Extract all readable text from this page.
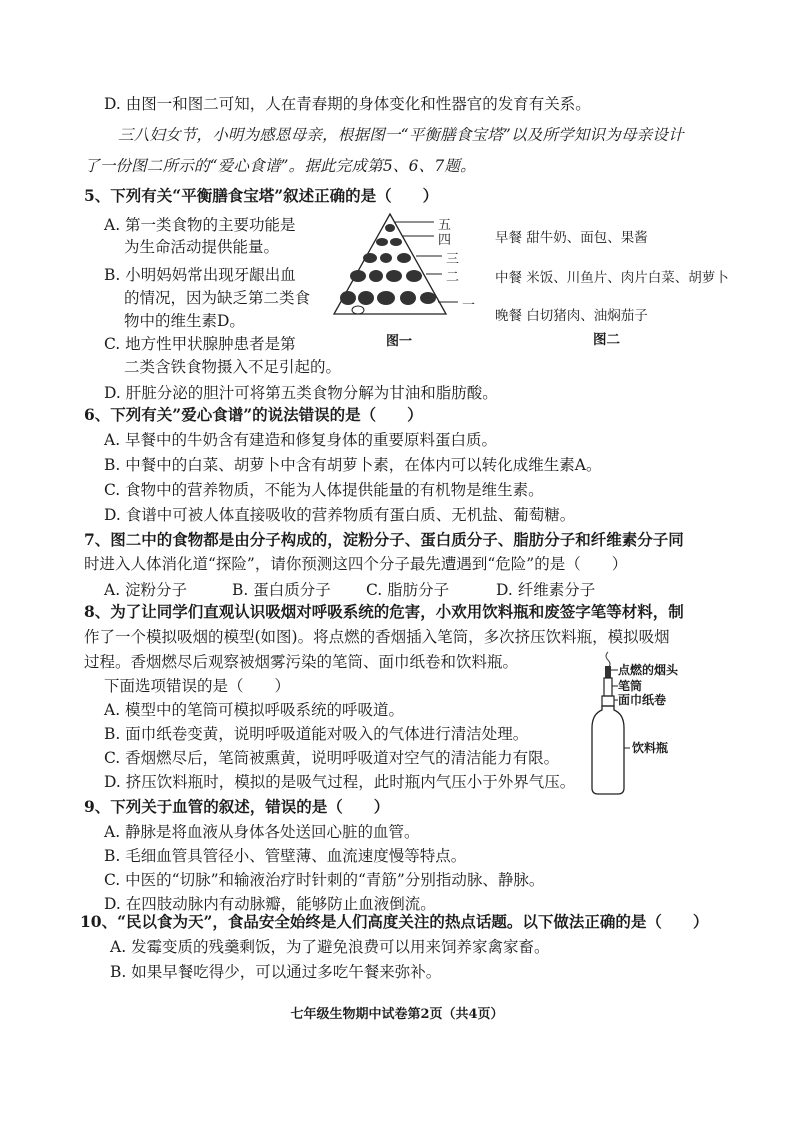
D. 由图一和图二可知，人在青春期的身体变化和性器官的发育有关系。
三八妇女节，小明为感恩母亲，根据图一“平衡膳食宝塔”以及所学知识为母亲设计
了一份图二所示的“爱心食谱”。据此完成第5、6、7题。
5、下列有关“平衡膳食宝塔”叙述正确的是（　　）
A. 第一类食物的主要功能是
为生命活动提供能量。
B. 小明妈妈常出现牙龈出血
的情况，因为缺乏第二类食
物中的维生素D。
C. 地方性甲状腺肿患者是第
二类含铁食物摄入不足引起的。
D. 肝脏分泌的胆汁可将第五类食物分解为甘油和脂肪酸。
五
四
三
二
一
图一
早餐 甜牛奶、面包、果酱
中餐 米饭、川鱼片、肉片白菜、胡萝卜
晚餐 白切猪肉、油焖茄子
图二
6、下列有关”爱心食谱”的说法错误的是（　　）
A. 早餐中的牛奶含有建造和修复身体的重要原料蛋白质。
B. 中餐中的白菜、胡萝卜中含有胡萝卜素，在体内可以转化成维生素A。
C. 食物中的营养物质，不能为人体提供能量的有机物是维生素。
D. 食谱中可被人体直接吸收的营养物质有蛋白质、无机盐、葡萄糖。
7、图二中的食物都是由分子构成的，淀粉分子、蛋白质分子、脂肪分子和纤维素分子同
时进入人体消化道“探险”，请你预测这四个分子最先遭遇到“危险”的是（　　）
A. 淀粉分子	B. 蛋白质分子 C. 脂肪分子	D. 纤维素分子
8、为了让同学们直观认识吸烟对呼吸系统的危害，小欢用饮料瓶和废签字笔等材料，制
作了一个模拟吸烟的模型(如图)。将点燃的香烟插入笔筒，多次挤压饮料瓶，模拟吸烟
过程。香烟燃尽后观察被烟雾污染的笔筒、面巾纸卷和饮料瓶。
下面选项错误的是（　　）
A. 模型中的笔筒可模拟呼吸系统的呼吸道。
B. 面巾纸卷变黄，说明呼吸道能对吸入的气体进行清洁处理。
C. 香烟燃尽后，笔筒被熏黄，说明呼吸道对空气的清洁能力有限。
D. 挤压饮料瓶时，模拟的是吸气过程，此时瓶内气压小于外界气压。
点燃的烟头
笔筒
面巾纸卷
饮料瓶
9、下列关于血管的叙述，错误的是（　　）
A. 静脉是将血液从身体各处送回心脏的血管。
B. 毛细血管具管径小、管壁薄、血流速度慢等特点。
C. 中医的“切脉”和输液治疗时针刺的“青筋”分别指动脉、静脉。
D. 在四肢动脉内有动脉瓣，能够防止血液倒流。
10、“民以食为天”，食品安全始终是人们高度关注的热点话题。以下做法正确的是（　　）
A. 发霉变质的残羹剩饭，为了避免浪费可以用来饲养家禽家畜。
B. 如果早餐吃得少，可以通过多吃午餐来弥补。
七年级生物期中试卷第2页（共4页）
